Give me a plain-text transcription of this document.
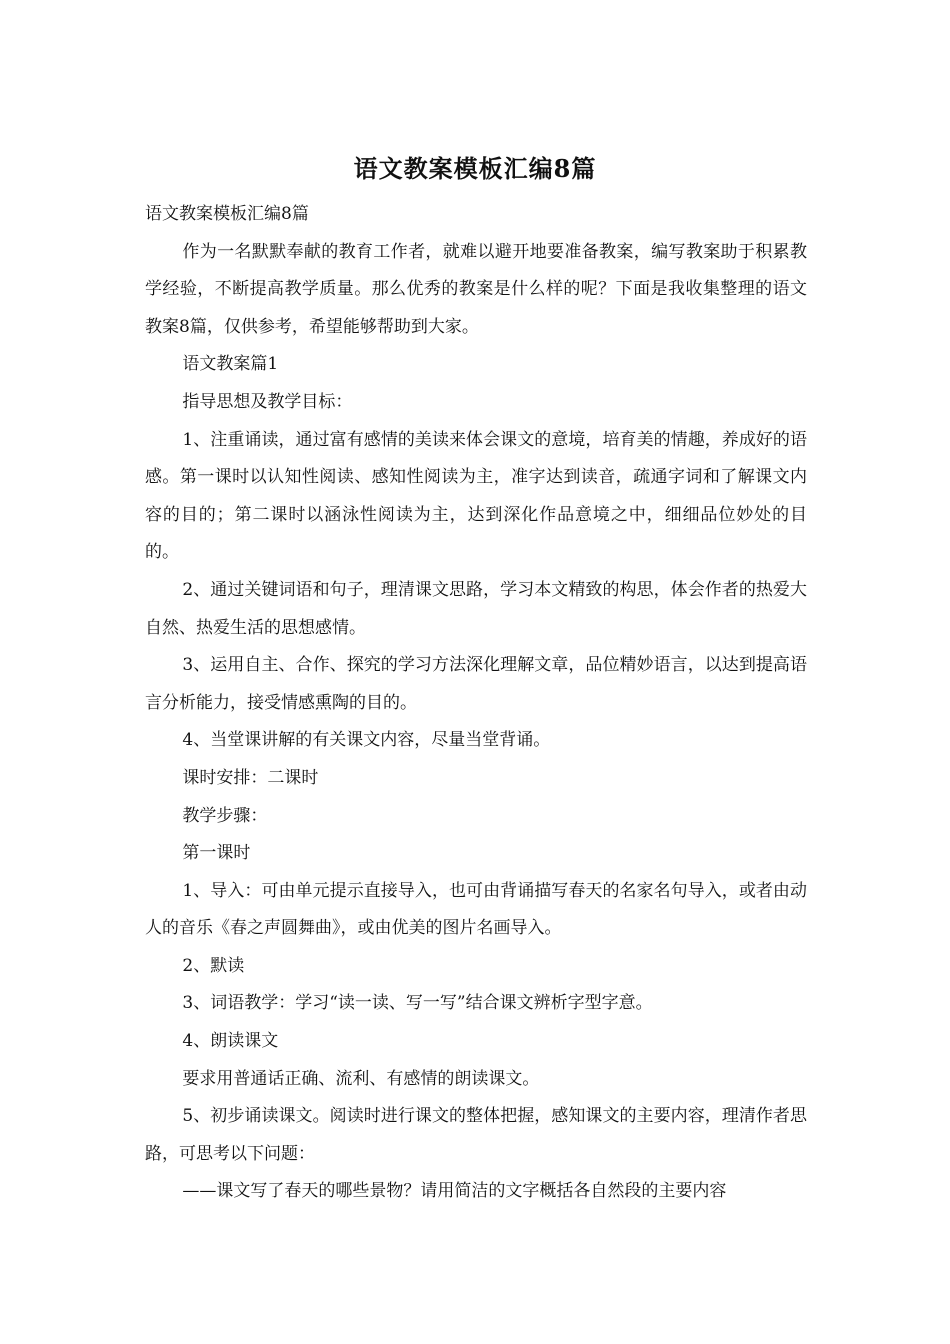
语文教案模板汇编8篇

语文教案模板汇编8篇

作为一名默默奉献的教育工作者，就难以避开地要准备教案，编写教案助于积累教学经验，不断提高教学质量。那么优秀的教案是什么样的呢？下面是我收集整理的语文教案8篇，仅供参考，希望能够帮助到大家。

语文教案篇1

指导思想及教学目标：

1、注重诵读，通过富有感情的美读来体会课文的意境，培育美的情趣，养成好的语感。第一课时以认知性阅读、感知性阅读为主，准字达到读音，疏通字词和了解课文内容的目的；第二课时以涵泳性阅读为主，达到深化作品意境之中，细细品位妙处的目的。

2、通过关键词语和句子，理清课文思路，学习本文精致的构思，体会作者的热爱大自然、热爱生活的思想感情。

3、运用自主、合作、探究的学习方法深化理解文章，品位精妙语言，以达到提高语言分析能力，接受情感熏陶的目的。

4、当堂课讲解的有关课文内容，尽量当堂背诵。

课时安排：二课时

教学步骤：

第一课时

1、导入：可由单元提示直接导入，也可由背诵描写春天的名家名句导入，或者由动人的音乐《春之声圆舞曲》，或由优美的图片名画导入。

2、默读

3、词语教学：学习“读一读、写一写”结合课文辨析字型字意。

4、朗读课文

要求用普通话正确、流利、有感情的朗读课文。

5、初步诵读课文。阅读时进行课文的整体把握，感知课文的主要内容，理清作者思路，可思考以下问题：

——课文写了春天的哪些景物？请用简洁的文字概括各自然段的主要内容
